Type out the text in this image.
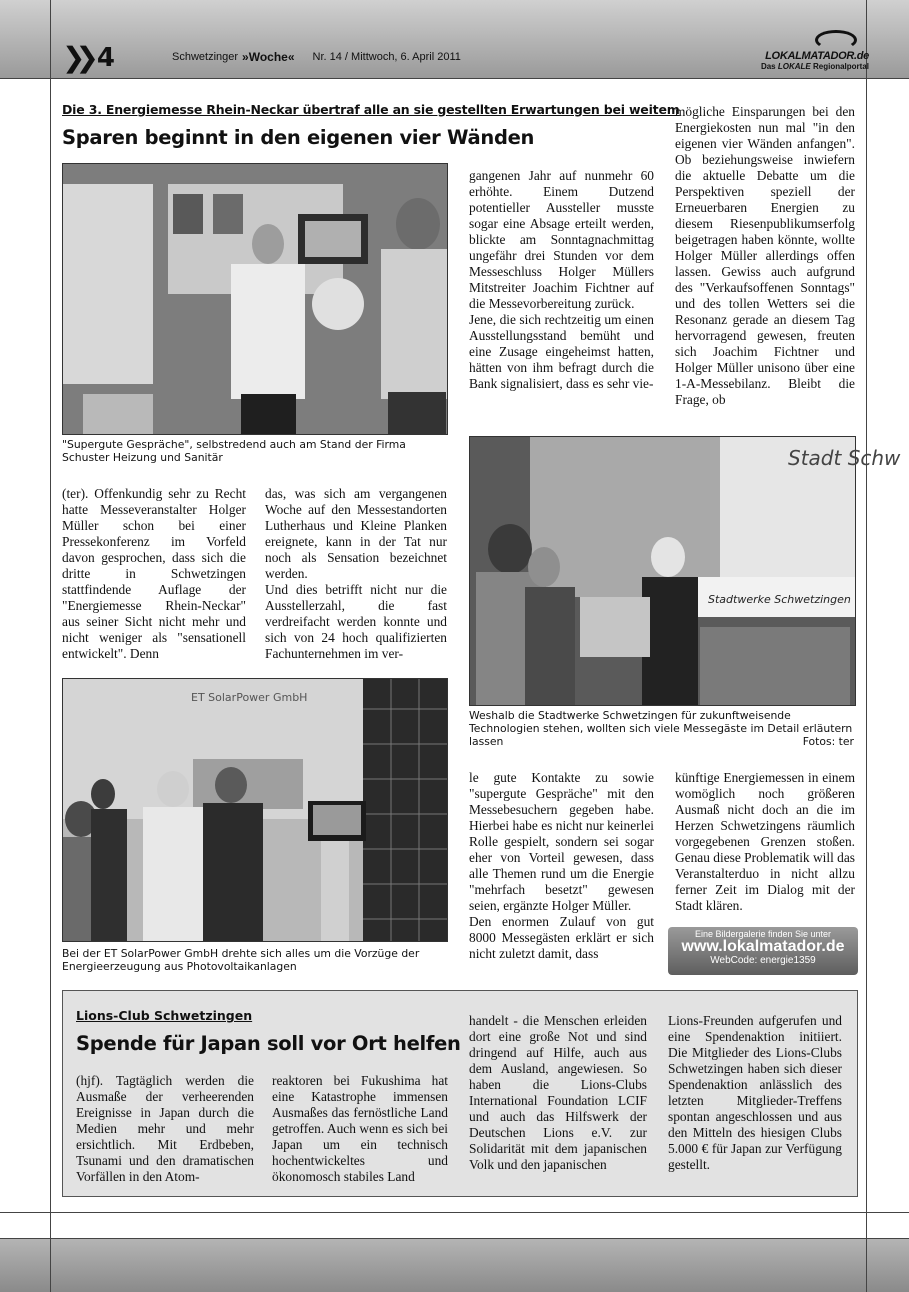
❯❯ 4	Schwetzinger »Woche« Nr. 14 / Mittwoch, 6. April 2011	LOKALMATADOR.de
Das LOKALE Regionalportal
Die 3. Energiemesse Rhein-Neckar übertraf alle an sie gestellten Erwartungen bei weitem
Sparen beginnt in den eigenen vier Wänden
"Supergute Gespräche", selbstredend auch am Stand der Firma Schuster Heizung und Sanitär	Stadt Schw
Stadtwerke Schwetzingen
Weshalb die Stadtwerke Schwetzingen für zukunftweisende Technologien stehen, wollten sich viele Messegäste im Detail erläutern lassen	Fotos: ter
ET SolarPower GmbH
Bei der ET SolarPower GmbH drehte sich alles um die Vorzüge der Energieerzeugung aus Photovoltaikanlagen

gangenen Jahr auf nunmehr 60 erhöhte. Einem Dutzend potentieller Aussteller musste sogar eine Absage erteilt werden, blickte am Sonntagnachmittag ungefähr drei Stunden vor dem Messeschluss Holger Müllers Mitstreiter Joachim Fichtner auf die Messevorbereitung zurück.

Jene, die sich rechtzeitig um einen Ausstellungsstand bemüht und eine Zusage eingeheimst hatten, hätten von ihm befragt durch die Bank signalisiert, dass es sehr vie-

mögliche Einsparungen bei den Energiekosten nun mal "in den eigenen vier Wänden anfangen". Ob beziehungsweise inwiefern die aktuelle Debatte um die Perspektiven speziell der Erneuerbaren Energien zu diesem Riesenpublikumserfolg beigetragen haben könnte, wollte Holger Müller allerdings offen lassen. Gewiss auch aufgrund des "Verkaufsoffenen Sonntags" und des tollen Wetters sei die Resonanz gerade an diesem Tag hervorragend gewesen, freuten sich Joachim Fichtner und Holger Müller unisono über eine 1-A-Messebilanz. Bleibt die Frage, ob

(ter). Offenkundig sehr zu Recht hatte Messeveranstalter Holger Müller schon bei einer Pressekonferenz im Vorfeld davon gesprochen, dass sich die dritte in Schwetzingen stattfindende Auflage der "Energiemesse Rhein-Neckar" aus seiner Sicht nicht mehr und nicht weniger als "sensationell entwickelt". Denn

das, was sich am vergangenen Woche auf den Messestandorten Lutherhaus und Kleine Planken ereignete, kann in der Tat nur noch als Sensation bezeichnet werden.

Und dies betrifft nicht nur die Ausstellerzahl, die fast verdreifacht werden konnte und sich von 24 hoch qualifizierten Fachunternehmen im ver-

le gute Kontakte zu sowie "supergute Gespräche" mit den Messebesuchern gegeben habe. Hierbei habe es nicht nur keinerlei Rolle gespielt, sondern sei sogar eher von Vorteil gewesen, dass alle Themen rund um die Energie "mehrfach besetzt" gewesen seien, ergänzte Holger Müller.

Den enormen Zulauf von gut 8000 Messegästen erklärt er sich nicht zuletzt damit, dass

künftige Energiemessen in einem womöglich noch größeren Ausmaß nicht doch an die im Herzen Schwetzingens räumlich vorgegebenen Grenzen stoßen. Genau diese Problematik will das Veranstalterduo in nicht allzu ferner Zeit im Dialog mit der Stadt klären.

Eine Bildergalerie finden Sie unter
www.lokalmatador.de
WebCode: energie1359
Lions-Club Schwetzingen
Spende für Japan soll vor Ort helfen

(hjf). Tagtäglich werden die Ausmaße der verheerenden Ereignisse in Japan durch die Medien mehr und mehr ersichtlich. Mit Erdbeben, Tsunami und den dramatischen Vorfällen in den Atom-

reaktoren bei Fukushima hat eine Katastrophe immensen Ausmaßes das fernöstliche Land getroffen. Auch wenn es sich bei Japan um ein technisch hochentwickeltes und ökonomosch stabiles Land

handelt - die Menschen erleiden dort eine große Not und sind dringend auf Hilfe, auch aus dem Ausland, angewiesen. So haben die Lions-Clubs International Foundation LCIF und auch das Hilfswerk der Deutschen Lions e.V. zur Solidarität mit dem japanischen Volk und den japanischen

Lions-Freunden aufgerufen und eine Spendenaktion initiiert. Die Mitglieder des Lions-Clubs Schwetzingen haben sich dieser Spendenaktion anlässlich des letzten Mitglieder-Treffens spontan angeschlossen und aus den Mitteln des hiesigen Clubs 5.000 € für Japan zur Verfügung gestellt.
